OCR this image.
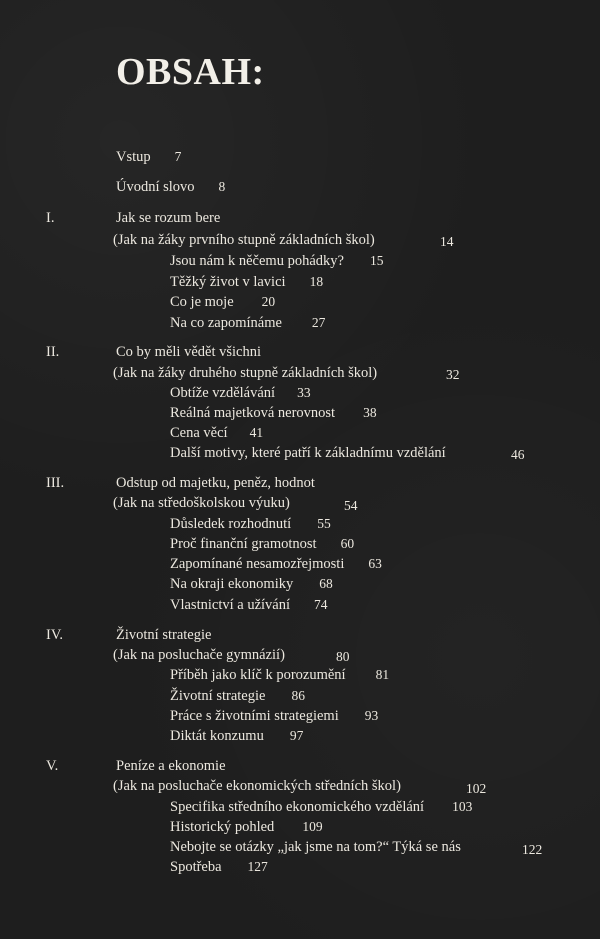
OBSAH:
Vstup 7
Úvodní slovo 8
I.	Jak se rozum bere
(Jak na žáky prvního stupně základních škol)	14
Jsou nám k něčemu pohádky? 15
Těžký život v lavici 18
Co je moje 20
Na co zapomínáme 27
II.	Co by měli vědět všichni
(Jak na žáky druhého stupně základních škol)	32
Obtíže vzdělávání 33
Reálná majetková nerovnost 38
Cena věcí 41
Další motivy, které patří k základnímu vzdělání	46
III.	Odstup od majetku, peněz, hodnot
(Jak na středoškolskou výuku)	54
Důsledek rozhodnutí 55
Proč finanční gramotnost 60
Zapomínané nesamozřejmosti 63
Na okraji ekonomiky 68
Vlastnictví a užívání 74
IV.	Životní strategie
(Jak na posluchače gymnázií)	80
Příběh jako klíč k porozumění 81
Životní strategie 86
Práce s životními strategiemi 93
Diktát konzumu 97
V.	Peníze a ekonomie
(Jak na posluchače ekonomických středních škol)	102
Specifika středního ekonomického vzdělání 103
Historický pohled 109
Nebojte se otázky „jak jsme na tom?“ Týká se nás	122
Spotřeba 127
